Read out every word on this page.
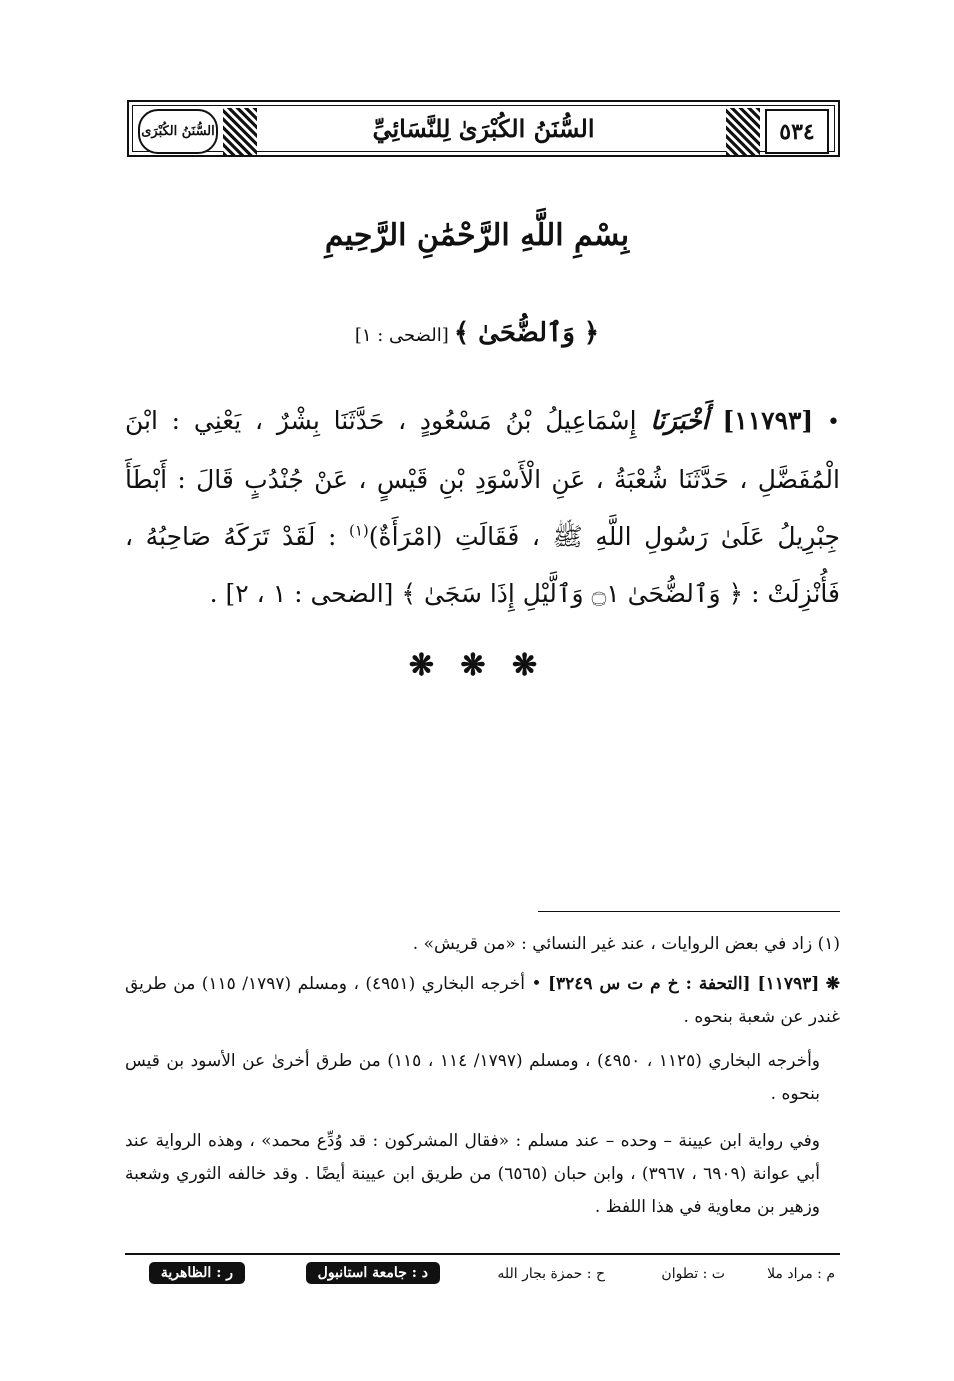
٥٣٤
السُّنَنُ الكُبْرَىٰ لِلنَّسَائِيِّ
السُّنَنُ الكُبْرَى
بِسْمِ اللَّهِ الرَّحْمَٰنِ الرَّحِيمِ
﴿ وَٱلضُّحَىٰ ﴾ [الضحى : ١]
• [١١٧٩٣] أَخْبَرَنَا إِسْمَاعِيلُ بْنُ مَسْعُودٍ ، حَدَّثَنَا بِشْرٌ ، يَعْنِي : ابْنَ الْمُفَضَّلِ ، حَدَّثَنَا شُعْبَةُ ، عَنِ الْأَسْوَدِ بْنِ قَيْسٍ ، عَنْ جُنْدُبٍ قَالَ : أَبْطَأَ جِبْرِيلُ عَلَىٰ رَسُولِ اللَّهِ ﷺ ، فَقَالَتِ (امْرَأَةٌ)$^{(١)}$ : لَقَدْ تَرَكَهُ صَاحِبُهُ ، فَأُنْزِلَتْ : ﴿ وَٱلضُّحَىٰ ۝١ وَٱلَّيْلِ إِذَا سَجَىٰ ﴾ [الضحى : ١ ، ٢] .
❋ ❋ ❋
(١) زاد في بعض الروايات ، عند غير النسائي : «من قريش» .
❋ [١١٧٩٣] [التحفة : خ م ت س ٣٢٤٩] • أخرجه البخاري (٤٩٥١) ، ومسلم (١٧٩٧/ ١١٥) من طريق غندر عن شعبة بنحوه .
وأخرجه البخاري (١١٢٥ ، ٤٩٥٠) ، ومسلم (١٧٩٧/ ١١٤ ، ١١٥) من طرق أخرىٰ عن الأسود بن قيس بنحوه .
وفي رواية ابن عيينة – وحده – عند مسلم : «فقال المشركون : قد وُدِّع محمد» ، وهذه الرواية عند أبي عوانة (٦٩٠٩ ، ٣٩٦٧) ، وابن حبان (٦٥٦٥) من طريق ابن عيينة أيضًا . وقد خالفه الثوري وشعبة وزهير بن معاوية في هذا اللفظ .
م : مراد ملا
ت : تطوان
ح : حمزة بجار الله
د : جامعة استانبول
ر : الظاهرية
